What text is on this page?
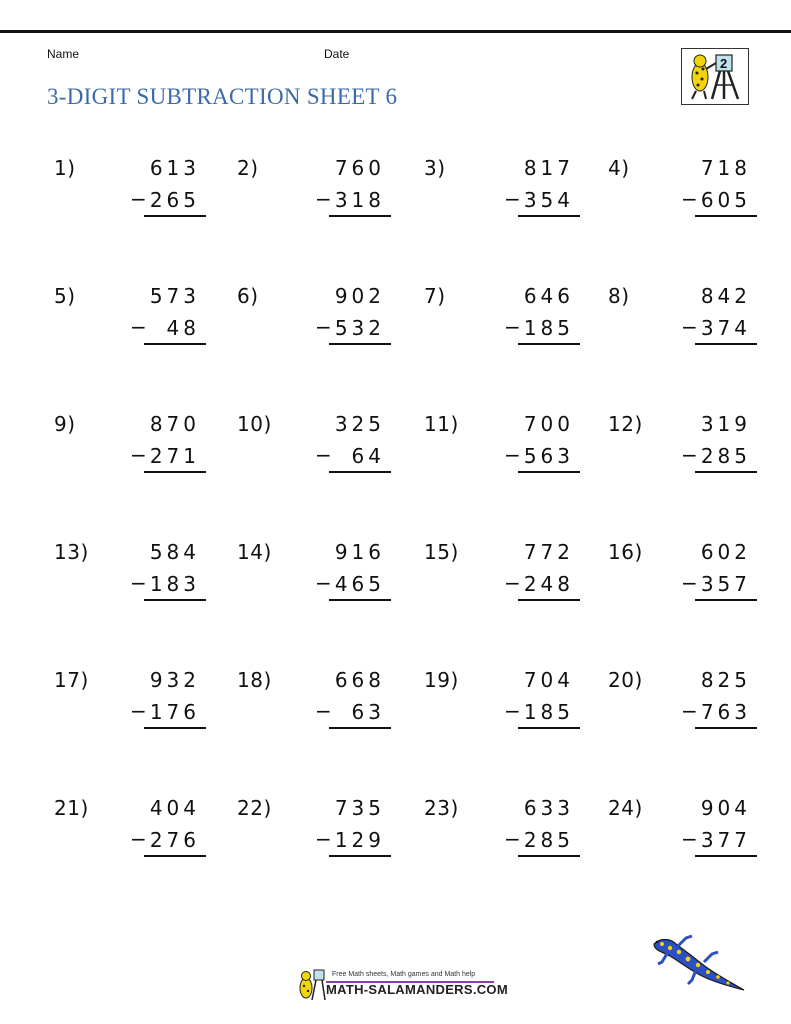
Name	Date
3-DIGIT SUBTRACTION SHEET 6
2
1)	613
265
−
2)	760
318
−
3)	817
354
−
4)	718
605
−
5)	573
48
−
6)	902
532
−
7)	646
185
−
8)	842
374
−
9)	870
271
−
10)	325
64
−
11)	700
563
−
12)	319
285
−
13)	584
183
−
14)	916
465
−
15)	772
248
−
16)	602
357
−
17)	932
176
−
18)	668
63
−
19)	704
185
−
20)	825
763
−
21)	404
276
−
22)	735
129
−
23)	633
285
−
24)	904
377
−
Free Math sheets, Math games and Math help
MATH-SALAMANDERS.COM
